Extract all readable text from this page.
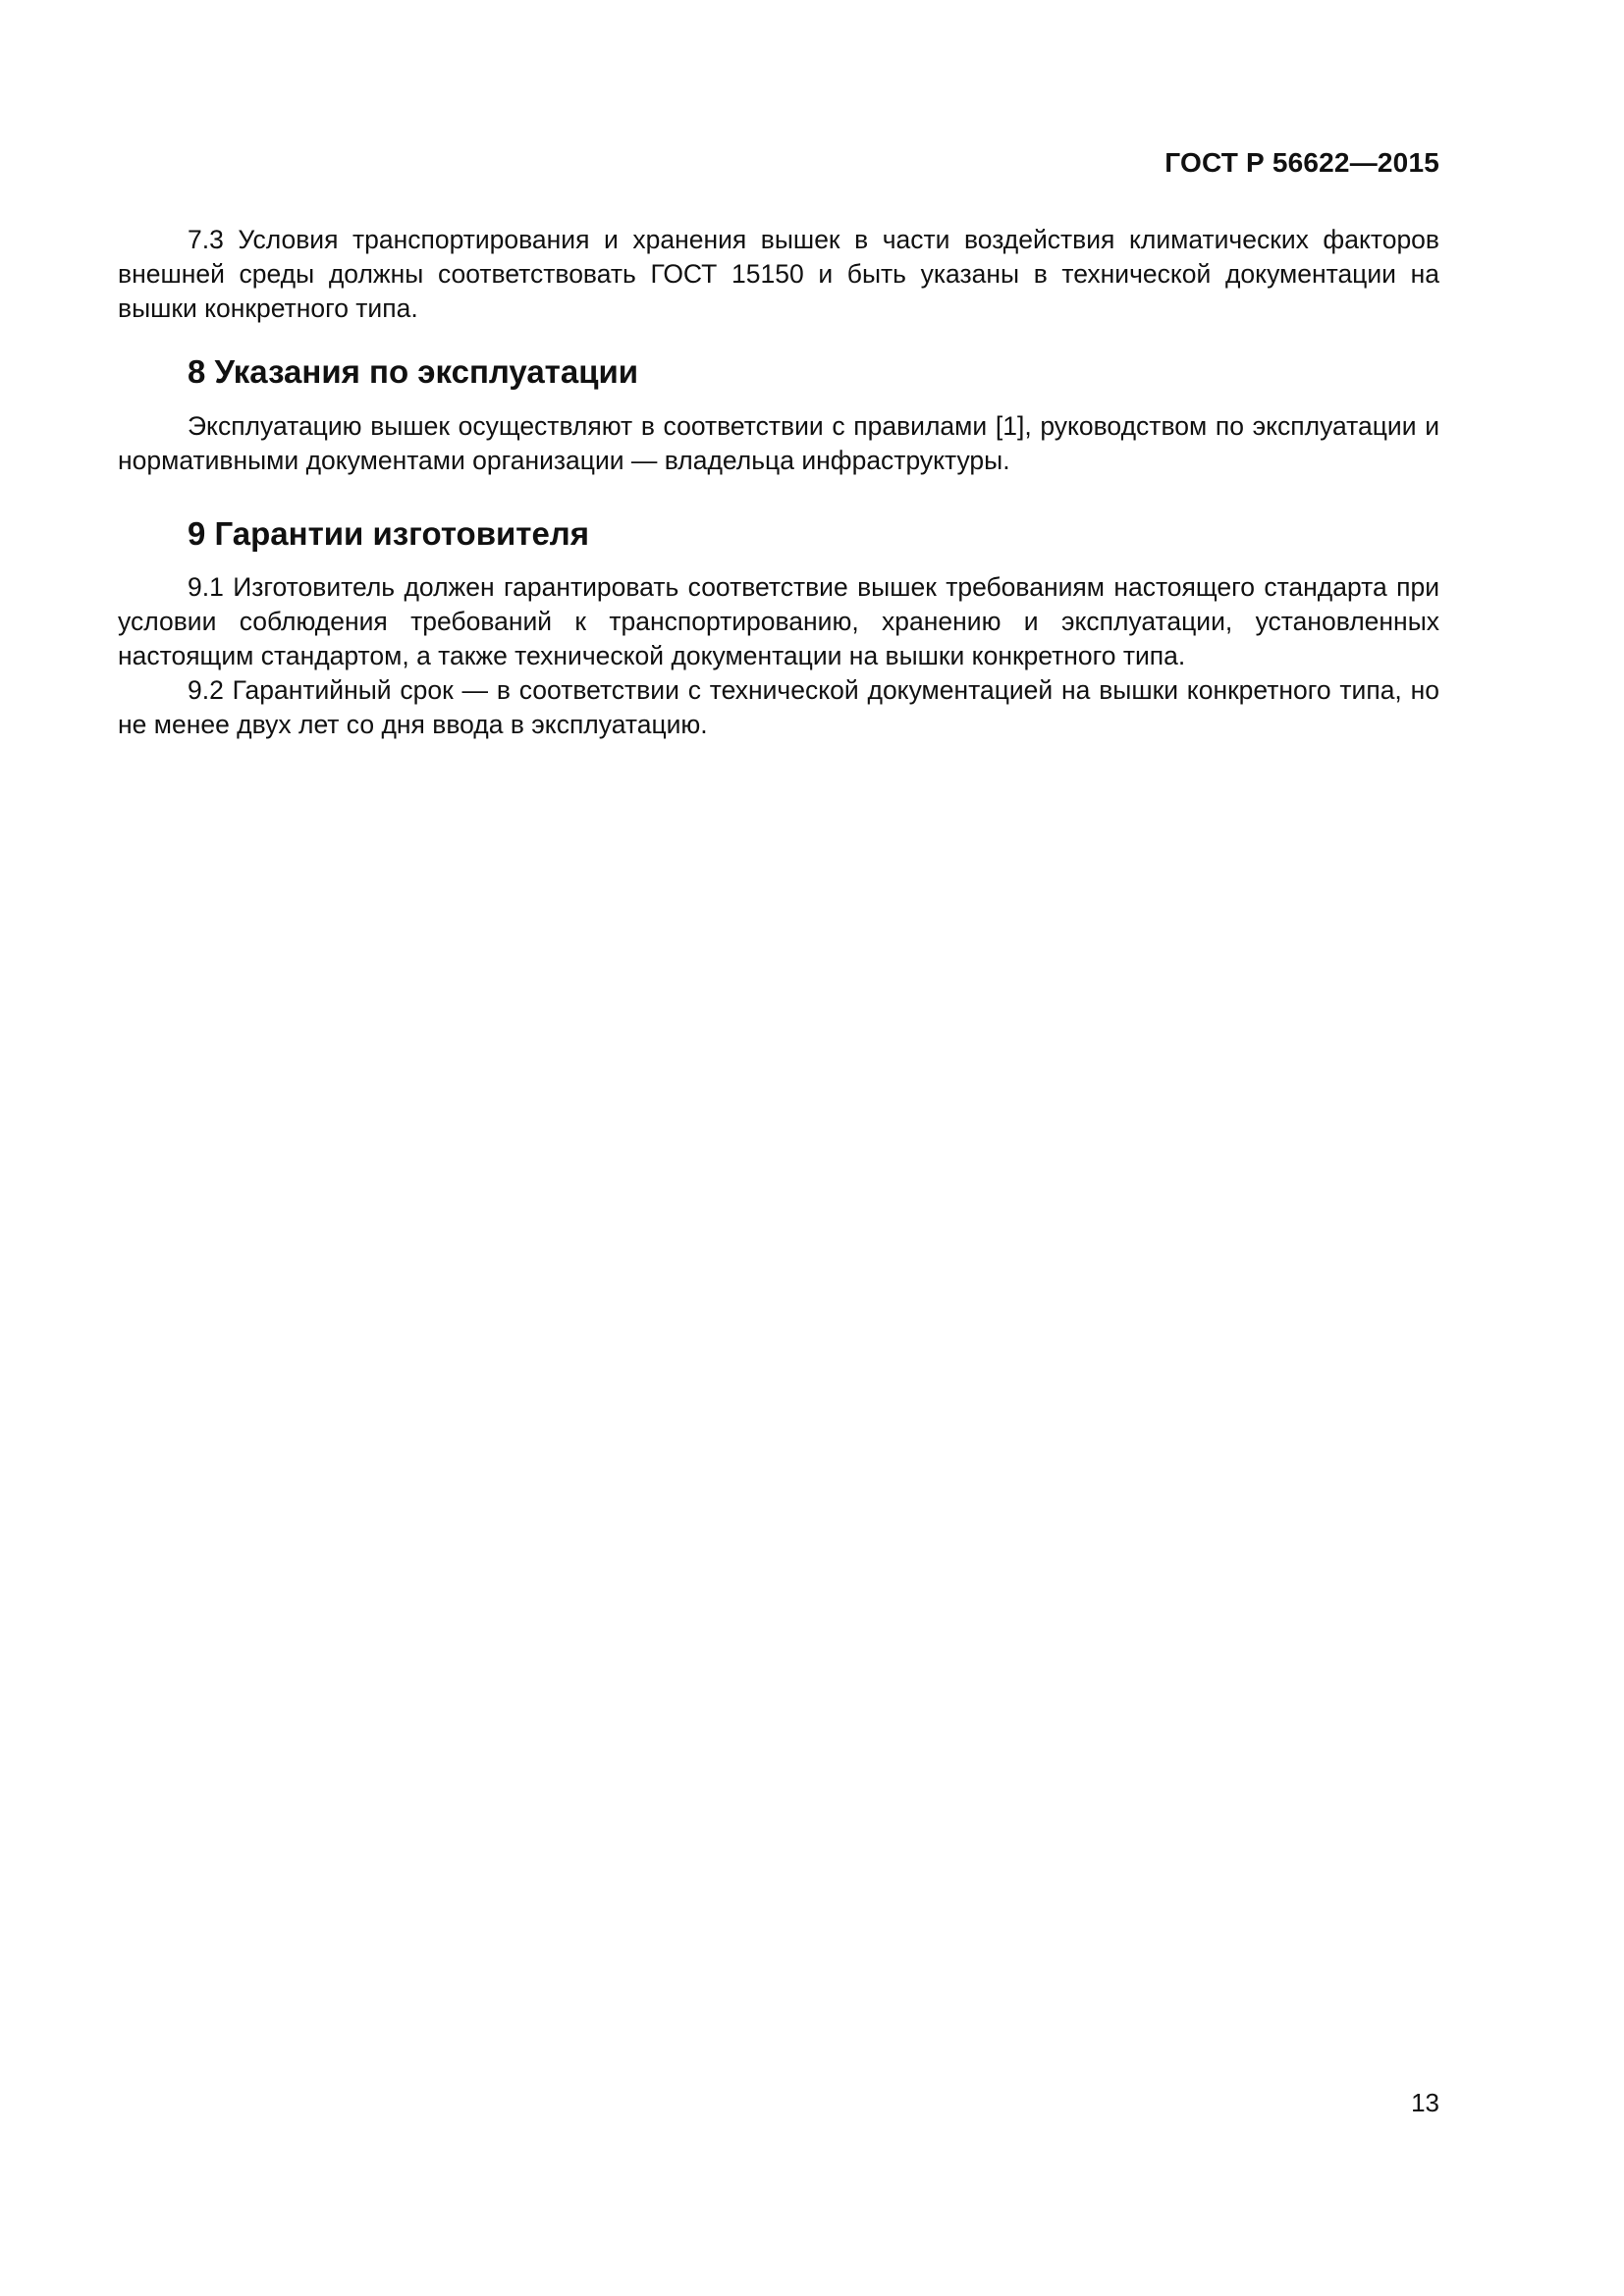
ГОСТ Р 56622—2015

7.3 Условия транспортирования и хранения вышек в части воздействия климатических факторов внешней среды должны соответствовать ГОСТ 15150 и быть указаны в технической документации на вышки конкретного типа.

8 Указания по эксплуатации

Эксплуатацию вышек осуществляют в соответствии с правилами [1], руководством по эксплуатации и нормативными документами организации — владельца инфраструктуры.

9 Гарантии изготовителя

9.1 Изготовитель должен гарантировать соответствие вышек требованиям настоящего стандарта при условии соблюдения требований к транспортированию, хранению и эксплуатации, установленных настоящим стандартом, а также технической документации на вышки конкретного типа.

9.2 Гарантийный срок — в соответствии с технической документацией на вышки конкретного типа, но не менее двух лет со дня ввода в эксплуатацию.

13
